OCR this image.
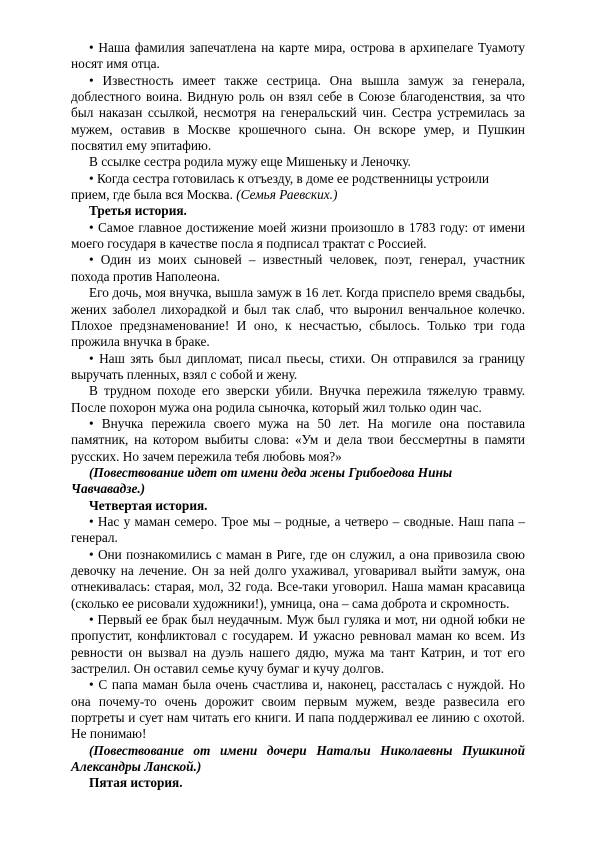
• Наша фамилия запечатлена на карте мира, острова в архипелаге Туамоту носят имя отца.

• Известность имеет также сестрица. Она вышла замуж за генерала, доблестного воина. Видную роль он взял себе в Союзе благоденствия, за что был наказан ссылкой, несмотря на генеральский чин. Сестра устремилась за мужем, оставив в Москве крошечного сына. Он вскоре умер, и Пушкин посвятил ему эпитафию.

В ссылке сестра родила мужу еще Мишеньку и Леночку.

• Когда сестра готовилась к отъезду, в доме ее родственницы устроили прием, где была вся Москва. (Семья Раевских.)

Третья история.

• Самое главное достижение моей жизни произошло в 1783 году: от имени моего государя в качестве посла я подписал трактат с Россией.

• Один из моих сыновей – известный человек, поэт, генерал, участник похода против Наполеона.

Его дочь, моя внучка, вышла замуж в 16 лет. Когда приспело время свадьбы, жених заболел лихорадкой и был так слаб, что выронил венчальное колечко. Плохое предзнаменование! И оно, к несчастью, сбылось. Только три года прожила внучка в браке.

• Наш зять был дипломат, писал пьесы, стихи. Он отправился за границу выручать пленных, взял с собой и жену.

В трудном походе его зверски убили. Внучка пережила тяжелую травму. После похорон мужа она родила сыночка, который жил только один час.

• Внучка пережила своего мужа на 50 лет. На могиле она поставила памятник, на котором выбиты слова: «Ум и дела твои бессмертны в памяти русских. Но зачем пережила тебя любовь моя?»

(Повествование идет от имени деда жены Грибоедова Нины Чавчавадзе.)

Четвертая история.

• Нас у маман семеро. Трое мы – родные, а четверо – сводные. Наш папа – генерал.

• Они познакомились с маман в Риге, где он служил, а она привозила свою девочку на лечение. Он за ней долго ухаживал, уговаривал выйти замуж, она отнекивалась: старая, мол, 32 года. Все-таки уговорил. Наша маман красавица (сколько ее рисовали художники!), умница, она – сама доброта и скромность.

• Первый ее брак был неудачным. Муж был гуляка и мот, ни одной юбки не пропустит, конфликтовал с государем. И ужасно ревновал маман ко всем. Из ревности он вызвал на дуэль нашего дядю, мужа ма тант Катрин, и тот его застрелил. Он оставил семье кучу бумаг и кучу долгов.

• С папа маман была очень счастлива и, наконец, рассталась с нуждой. Но она почему-то очень дорожит своим первым мужем, везде развесила его портреты и сует нам читать его книги. И папа поддерживал ее линию с охотой. Не понимаю!

(Повествование от имени дочери Натальи Николаевны Пушкиной Александры Ланской.)

Пятая история.
